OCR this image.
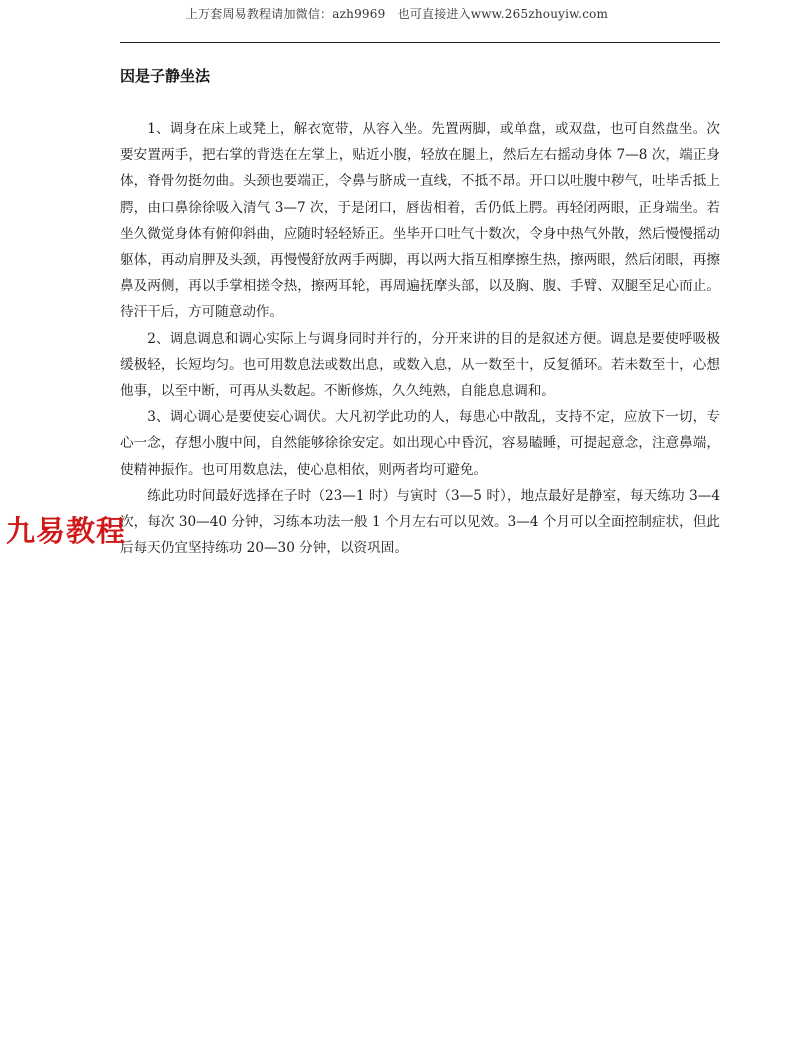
上万套周易教程请加微信：azh9969　也可直接进入www.265zhouyiw.com
因是子静坐法

1、调身在床上或凳上，解衣宽带，从容入坐。先置两脚，或单盘，或双盘，也可自然盘坐。次要安置两手，把右掌的背迭在左掌上，贴近小腹，轻放在腿上，然后左右摇动身体 7—8 次，端正身体，脊骨勿挺勿曲。头颈也要端正，令鼻与脐成一直线，不抵不昂。开口以吐腹中秽气，吐毕舌抵上腭，由口鼻徐徐吸入清气 3—7 次，于是闭口，唇齿相着，舌仍低上腭。再轻闭两眼，正身端坐。若坐久微觉身体有俯仰斜曲，应随时轻轻矫正。坐毕开口吐气十数次，令身中热气外散，然后慢慢摇动躯体，再动肩胛及头颈，再慢慢舒放两手两脚，再以两大指互相摩擦生热，擦两眼，然后闭眼，再擦鼻及两侧，再以手掌相搓令热，擦两耳轮，再周遍抚摩头部，以及胸、腹、手臂、双腿至足心而止。待汗干后，方可随意动作。

2、调息调息和调心实际上与调身同时并行的，分开来讲的目的是叙述方便。调息是要使呼吸极缓极轻，长短均匀。也可用数息法或数出息，或数入息，从一数至十，反复循环。若未数至十，心想他事，以至中断，可再从头数起。不断修炼，久久纯熟，自能息息调和。

3、调心调心是要使妄心调伏。大凡初学此功的人，每患心中散乱，支持不定，应放下一切，专心一念，存想小腹中间，自然能够徐徐安定。如出现心中昏沉，容易瞌睡，可提起意念，注意鼻端，使精神振作。也可用数息法，使心息相依，则两者均可避免。

练此功时间最好选择在子时（23—1 时）与寅时（3—5 时），地点最好是静室，每天练功 3—4 次，每次 30—40 分钟，习练本功法一般 1 个月左右可以见效。3—4 个月可以全面控制症状，但此后每天仍宜坚持练功 20—30 分钟，以资巩固。

九易教程
